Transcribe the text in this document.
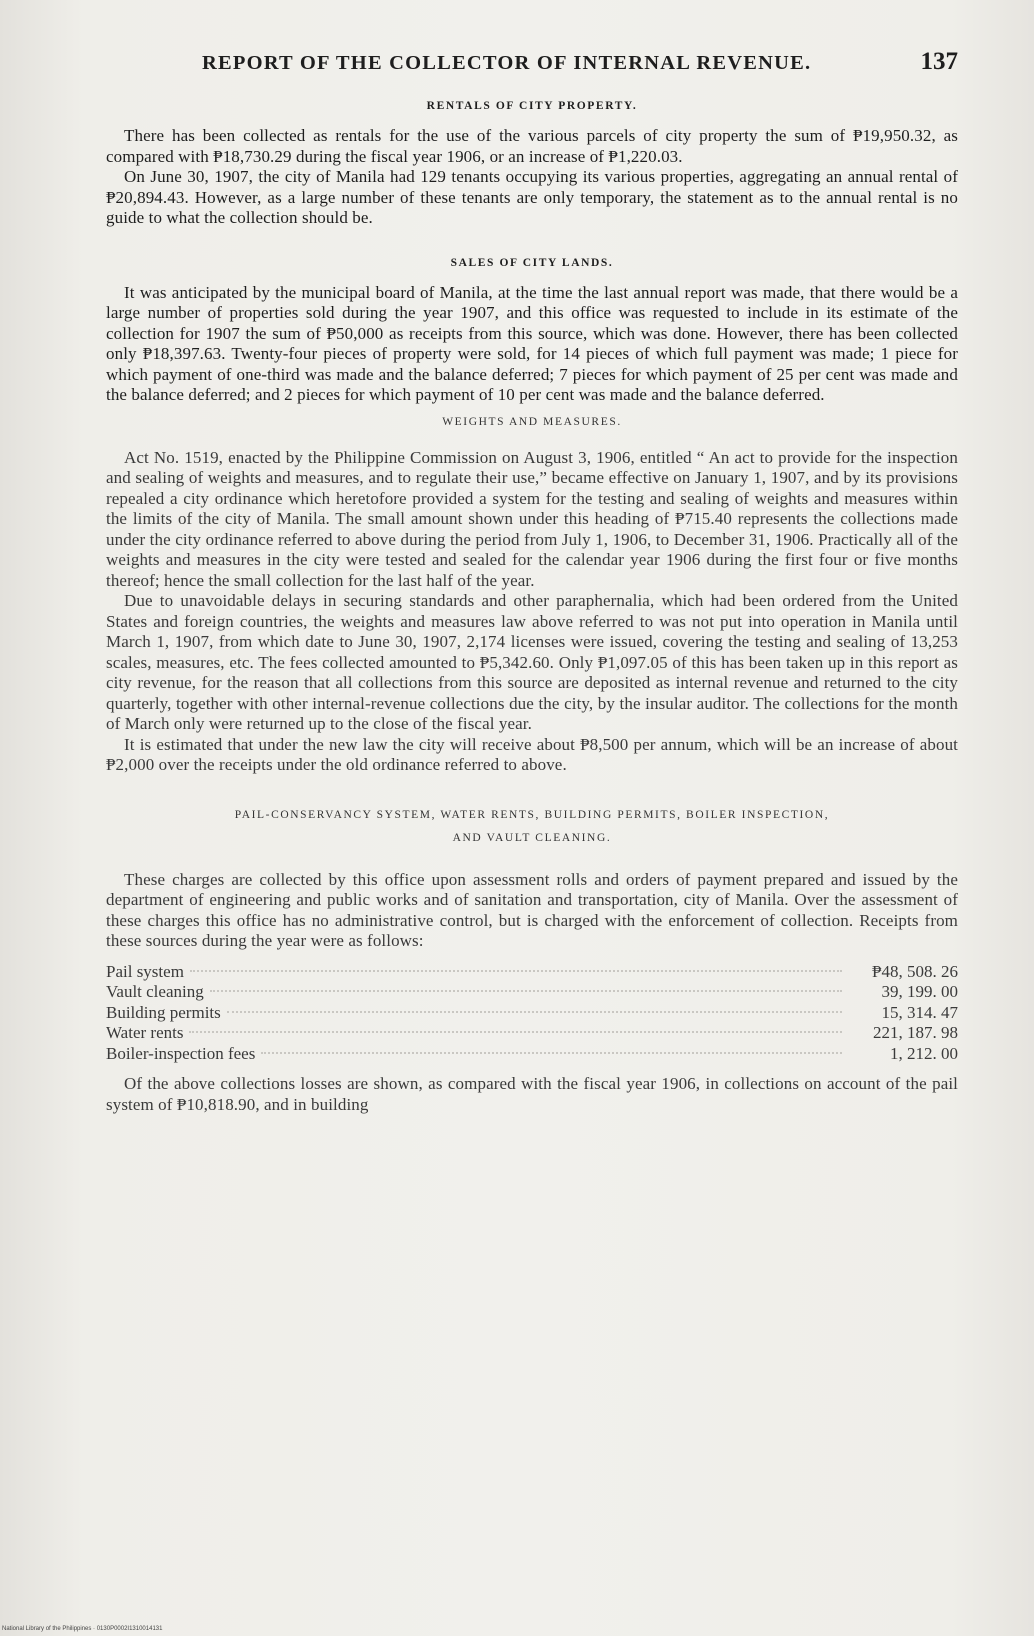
REPORT OF THE COLLECTOR OF INTERNAL REVENUE.	137
RENTALS OF CITY PROPERTY.

There has been collected as rentals for the use of the various parcels of city property the sum of ₱19,950.32, as compared with ₱18,730.29 during the fiscal year 1906, or an increase of ₱1,220.03.

On June 30, 1907, the city of Manila had 129 tenants occupying its various properties, aggregating an annual rental of ₱20,894.43. However, as a large number of these tenants are only temporary, the statement as to the annual rental is no guide to what the collection should be.

SALES OF CITY LANDS.

It was anticipated by the municipal board of Manila, at the time the last annual report was made, that there would be a large number of properties sold during the year 1907, and this office was requested to include in its estimate of the collection for 1907 the sum of ₱50,000 as receipts from this source, which was done. However, there has been collected only ₱18,397.63. Twenty-four pieces of property were sold, for 14 pieces of which full payment was made; 1 piece for which payment of one-third was made and the balance deferred; 7 pieces for which payment of 25 per cent was made and the balance deferred; and 2 pieces for which payment of 10 per cent was made and the balance deferred.

WEIGHTS AND MEASURES.

Act No. 1519, enacted by the Philippine Commission on August 3, 1906, entitled “ An act to provide for the inspection and sealing of weights and measures, and to regulate their use,” became effective on January 1, 1907, and by its provisions repealed a city ordinance which heretofore provided a system for the testing and sealing of weights and measures within the limits of the city of Manila. The small amount shown under this heading of ₱715.40 represents the collections made under the city ordinance referred to above during the period from July 1, 1906, to December 31, 1906. Practically all of the weights and measures in the city were tested and sealed for the calendar year 1906 during the first four or five months thereof; hence the small collection for the last half of the year.

Due to unavoidable delays in securing standards and other paraphernalia, which had been ordered from the United States and foreign countries, the weights and measures law above referred to was not put into operation in Manila until March 1, 1907, from which date to June 30, 1907, 2,174 licenses were issued, covering the testing and sealing of 13,253 scales, measures, etc. The fees collected amounted to ₱5,342.60. Only ₱1,097.05 of this has been taken up in this report as city revenue, for the reason that all collections from this source are deposited as internal revenue and returned to the city quarterly, together with other internal-revenue collections due the city, by the insular auditor. The collections for the month of March only were returned up to the close of the fiscal year.

It is estimated that under the new law the city will receive about ₱8,500 per annum, which will be an increase of about ₱2,000 over the receipts under the old ordinance referred to above.

PAIL-CONSERVANCY SYSTEM, WATER RENTS, BUILDING PERMITS, BOILER INSPECTION,
AND VAULT CLEANING.

These charges are collected by this office upon assessment rolls and orders of payment prepared and issued by the department of engineering and public works and of sanitation and transportation, city of Manila. Over the assessment of these charges this office has no administrative control, but is charged with the enforcement of collection. Receipts from these sources during the year were as follows:

Pail system	₱48, 508. 26
Vault cleaning	39, 199. 00
Building permits	15, 314. 47
Water rents	221, 187. 98
Boiler-inspection fees	1, 212. 00

Of the above collections losses are shown, as compared with the fiscal year 1906, in collections on account of the pail system of ₱10,818.90, and in building

National Library of the Philippines · 0130P0002I1310014131
